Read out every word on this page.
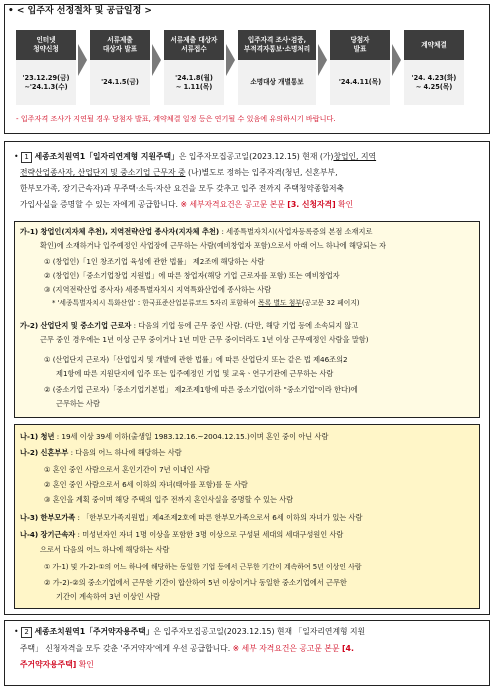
• < 입주자 선정절차 및 공급일정 >
인터넷
청약신청
'23.12.29(금)
~'24.1.3(수)
서류제출
대상자 발표
'24.1.5(금)
서류제출 대상자
서류접수
'24.1.8(월)
~ 1.11(목)
입주자격 조사·검증,
부적격자통보·소명처리
소명대상 개별통보
당첨자
발표
'24.4.11(목)
계약체결
'24. 4.23(화)
~ 4.25(목)
- 입주자격 조사가 지연될 경우 당첨자 발표, 계약체결 일정 등은 연기될 수 있음에 유의하시기 바랍니다.
• 1 세종조치원역1「일자리연계형 지원주택」은 입주자모집공고일(2023.12.15) 현재 (가)창업인, 지역
전략산업종사자, 산업단지 및 중소기업 근무자 중 (나)별도로 정하는 입주자격(청년, 신혼부부,
한부모가족, 장기근속자)과 무주택·소득·자산 요건을 모두 갖추고 입주 전까지 주택청약종합저축
가입사실을 증명할 수 있는 자에게 공급합니다. ※ 세부자격요건은 공고문 본문 [3. 신청자격] 확인
가-1) 창업인(지자체 추천), 지역전략산업 종사자(지자체 추천) : 세종특별자치시(사업자등록증의 본점 소재지로
확인)에 소재하거나 입주예정인 사업장에 근무하는 사람(예비창업자 포함)으로서 아래 어느 하나에 해당되는 자
① (창업인)「1인 창조기업 육성에 관한 법률」 제2조에 해당하는 사람
② (창업인)「중소기업창업 지원법」에 따른 창업자(해당 기업 근로자를 포함) 또는 예비창업자
③ (지역전략산업 종사자) 세종특별자치시 지역특화산업에 종사하는 사람
* '세종특별자치시 특화산업' : 한국표준산업분류코드 5자리 포함하여 목록 별도 첨부(공고문 32 페이지)
가-2) 산업단지 및 중소기업 근로자 : 다음의 기업 등에 근무 중인 사람. (다만, 해당 기업 등에 소속되지 않고
근무 중인 경우에는 1년 이상 근무 중이거나 1년 미만 근무 중이더라도 1년 이상 근무예정인 사람을 말함)
① (산업단지 근로자)「산업입지 및 개발에 관한 법률」에 따른 산업단지 또는 같은 법 제46조의2
제1항에 따른 지원단지에 입주 또는 입주예정인 기업 및 교육ㆍ연구기관에 근무하는 사람
② (중소기업 근로자)「중소기업기본법」 제2조제1항에 따른 중소기업(이하 "중소기업"이라 한다)에
근무하는 사람
나-1) 청년 : 19세 이상 39세 이하(출생일 1983.12.16.~2004.12.15.)이며 혼인 중이 아닌 사람
나-2) 신혼부부 : 다음의 어느 하나에 해당하는 사람
① 혼인 중인 사람으로서 혼인기간이 7년 이내인 사람
② 혼인 중인 사람으로서 6세 이하의 자녀(태아를 포함)를 둔 사람
③ 혼인을 계획 중이며 해당 주택의 입주 전까지 혼인사실을 증명할 수 있는 사람
나-3) 한부모가족 : 「한부모가족지원법」제4조제2호에 따른 한부모가족으로서 6세 이하의 자녀가 있는 사람
나-4) 장기근속자 : 미성년자인 자녀 1명 이상을 포함한 3명 이상으로 구성된 세대의 세대구성원인 사람
으로서 다음의 어느 하나에 해당하는 사람
① 가-1) 및 가-2)-①의 어느 하나에 해당하는 동일한 기업 등에서 근무한 기간이 계속하여 5년 이상인 사람
② 가-2)-②의 중소기업에서 근무한 기간이 합산하여 5년 이상이거나 동일한 중소기업에서 근무한
기간이 계속하여 3년 이상인 사람
• 2 세종조치원역1「주거약자용주택」은 입주자모집공고일(2023.12.15) 현재 「일자리연계형 지원
주택」 신청자격을 모두 갖춘 '주거약자'에게 우선 공급합니다. ※ 세부 자격요건은 공고문 본문 [4.
주거약자용주택] 확인
